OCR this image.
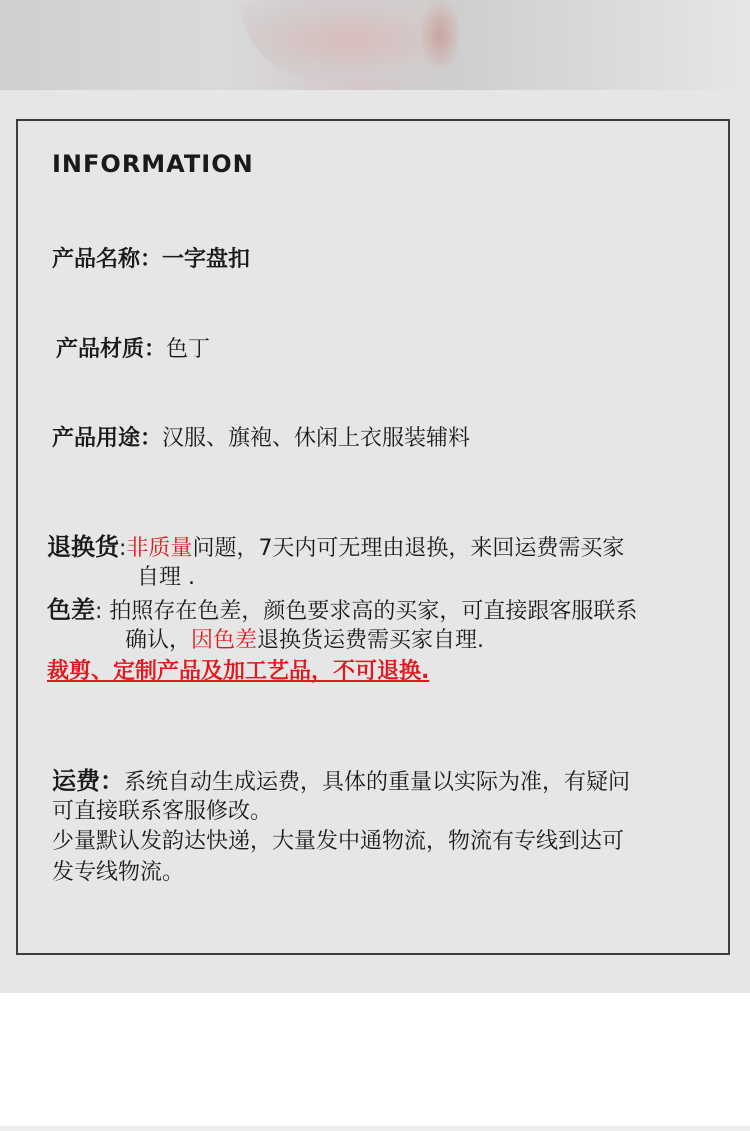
INFORMATION

产品名称：一字盘扣

产品材质：色丁

产品用途：汉服、旗袍、休闲上衣服装辅料

退换货:非质量问题，7天内可无理由退换，来回运费需买家

自理 .

色差: 拍照存在色差，颜色要求高的买家，可直接跟客服联系

确认，因色差退换货运费需买家自理.

裁剪、定制产品及加工艺品，不可退换.

运费：系统自动生成运费，具体的重量以实际为准，有疑问

可直接联系客服修改。

少量默认发韵达快递，大量发中通物流，物流有专线到达可

发专线物流。
